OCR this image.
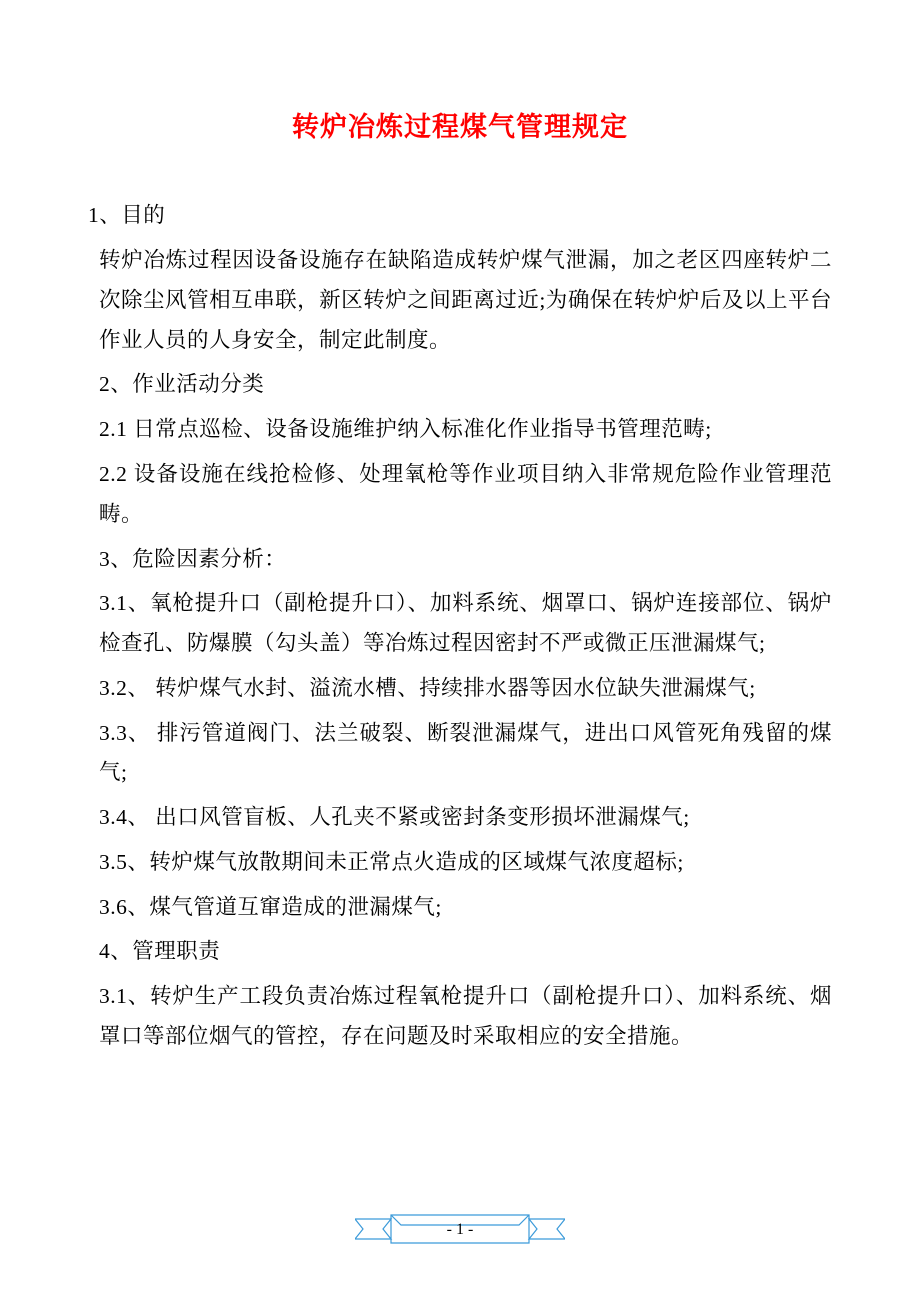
转炉冶炼过程煤气管理规定

1、目的

转炉冶炼过程因设备设施存在缺陷造成转炉煤气泄漏，加之老区四座转炉二次除尘风管相互串联，新区转炉之间距离过近;为确保在转炉炉后及以上平台作业人员的人身安全，制定此制度。

2、作业活动分类

2.1 日常点巡检、设备设施维护纳入标准化作业指导书管理范畴;

2.2 设备设施在线抢检修、处理氧枪等作业项目纳入非常规危险作业管理范畴。

3、危险因素分析：

3.1、氧枪提升口（副枪提升口）、加料系统、烟罩口、锅炉连接部位、锅炉检查孔、防爆膜（勾头盖）等冶炼过程因密封不严或微正压泄漏煤气;

3.2、 转炉煤气水封、溢流水槽、持续排水器等因水位缺失泄漏煤气;

3.3、 排污管道阀门、法兰破裂、断裂泄漏煤气，进出口风管死角残留的煤气;

3.4、 出口风管盲板、人孔夹不紧或密封条变形损坏泄漏煤气;

3.5、转炉煤气放散期间未正常点火造成的区域煤气浓度超标;

3.6、煤气管道互窜造成的泄漏煤气;

4、管理职责

3.1、转炉生产工段负责冶炼过程氧枪提升口（副枪提升口）、加料系统、烟罩口等部位烟气的管控，存在问题及时采取相应的安全措施。

- 1 -
